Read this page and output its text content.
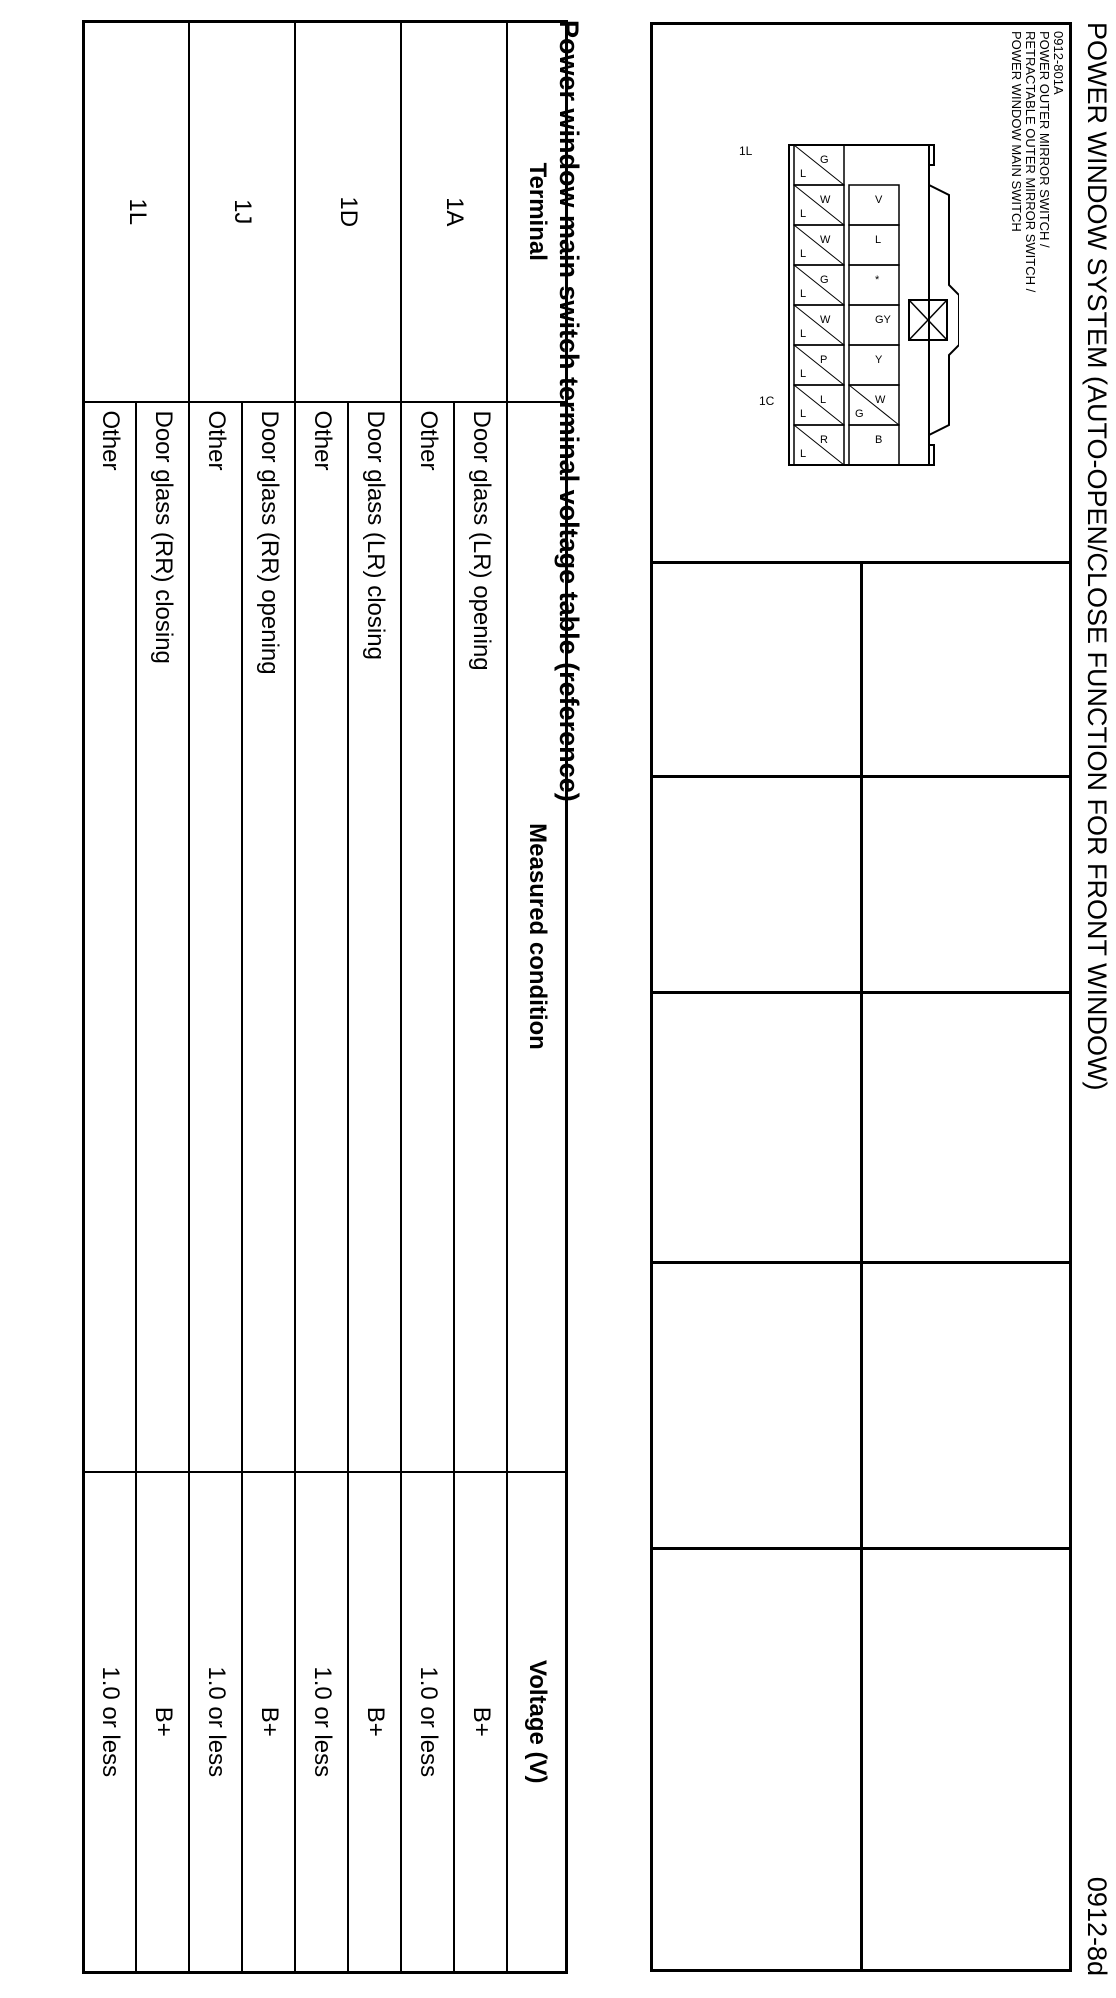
POWER WINDOW SYSTEM (AUTO-OPEN/CLOSE FUNCTION FOR FRONT WINDOW)
0912-8d
0912-801A
POWER OUTER MIRROR SWITCH /
RETRACTABLE OUTER MIRROR SWITCH /
POWER WINDOW MAIN SWITCH
V
L
*
GY
Y
W
G
B
G
L
W
L
W
L
G
L
W
L
P
L
L
L
R
L
1C
1L
Power window main switch terminal voltage table (reference)
Terminal	Measured condition	Voltage (V)
1A	Door glass (LR) opening	B+
	Other	1.0 or less
1D	Door glass (LR) closing	B+
	Other	1.0 or less
1J	Door glass (RR) opening	B+
	Other	1.0 or less
1L	Door glass (RR) closing	B+
	Other	1.0 or less
